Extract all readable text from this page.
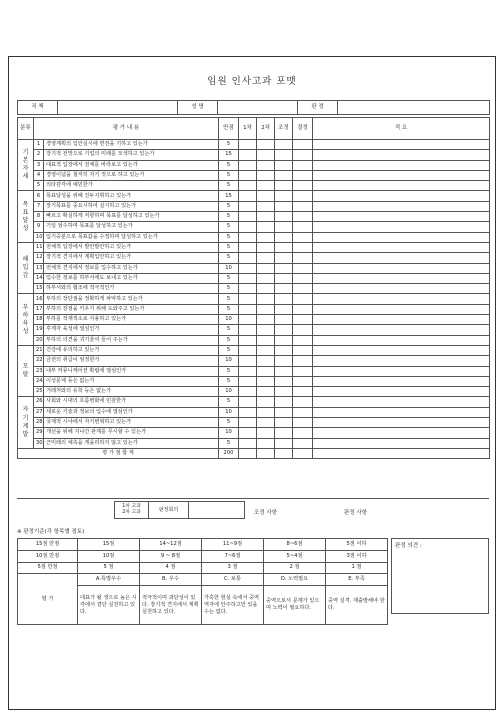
임원 인사고과 포맷
직 책		성 명		판 정	
분류	평 가 내 용		만점	1차	2차	조정	결정	적 요
기본자세	1	경영계획의 입안실시에 면전을 기하고 있는가	5					
	2	장기적 전망으로 기업의 미래를 모색하고 있는가	15					
	3	대표적 입장에서 전체를 바라보고 있는가	5					
	4	경영이념을 철저히 자기 것으로 하고 있는가	5					
	5	의타감각에 예민한가	5					
목표달성	6	목표달성을 위해 진두지휘하고 있는가	15					
	7	장기목표를 중요시하여 실시하고 있는가	5					
	8	빠르고 확실하게 저항하며 목표를 달성하고 있는가	5					
	9	기일 엄수하며 목표를 달성하고 있는가	5					
	10	입기중분으로 목표값을 수정하며 달성하고 있는가	5					
해입감	11	전체적 입장에서 발안발안하고 있는가	5					
	12	장기적 견지에서 계획입안하고 있는가	5					
	13	전체적 견지에서 정보를 입수하고 있는가	10					
	14	입수한 정보를 하부서에도 보내고 있는가	5					
	15	하부서와의 협조에 적극적인가	5					
부하육성	16	부하의 장단점을 정확하게 파악하고 있는가	5					
	17	부하의 장점을 키우기 위해 도와주고 있는가	5					
	18	부하를 적재적소로 사용하고 있는가	10					
	19	후계자 육성에 열심인가	5					
	20	부하의 의견을 귀기울여 들어 주는가	5					
모 랄	21	건강에 유의하고 있는가	5					
	22	금전의 취급이 엄정한가	10					
	23	내부 커뮤니케이션 확립에 열심인가	5					
	24	이성문제 등은 없는가	5					
	25	거래처와의 유착 등은 없는가	10					
자기계발	26	사회와 시대의 흐름변화에 민감한가	5					
	27	새로운 기술과 정보의 입수에 열심인가	10					
	28	국제적 시야에서 자기변혁하고 있는가	5					
	29	개선을 위해 지나간 관계를 무시할 수 있는가	10					
	30	근미래의 예측을 게을리하지 않고 있는가	5					
평 가 점 합 계			200					
1차 고과
2차 고과	판정회의	
조정 사항	판정 사항
※ 판정기준(각 항목별 점토)
15점 만점	15점	14~12점	11~9점	8~6점	5점 이하
10점 만점	10점	9 ~ 8점	7~6점	5~4점	3점 이하
5점 만점	5 점	4 점	3 점	2 점	1 점
평 가	A.특별우수	B. 우수	C. 보통	D. 노력필요	E. 부족
	대표가 될 생으로 높은 시각에서 결단 실천하고 있다.	적극적이며 과단성이 있다. 장기적 견지에서 계획실천하고 있다.	가혹한 현실 속에서 중역 역자에 안주하고만 있을 수는 없다.	중역으로서 문제가 있으며 노력이 필요하다.	중역 실격. 재출발해야 한다.
판정 의견 :
